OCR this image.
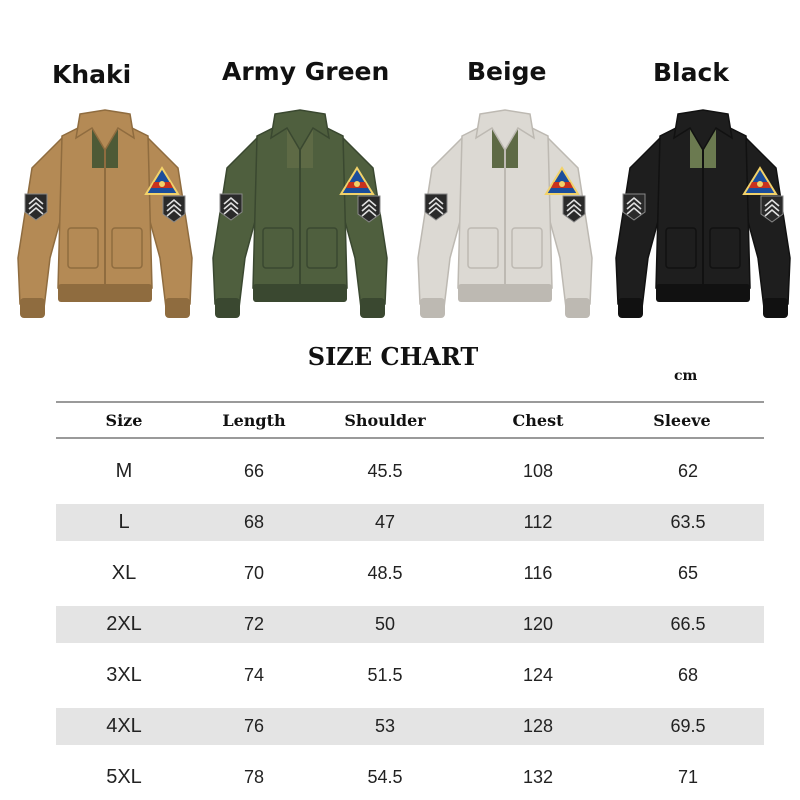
Khaki	Army Green	Beige	Black
SIZE CHART
cm
Size	Length	Shoulder	Chest	Sleeve
M	66	45.5	108	62
L	68	47	112	63.5
XL	70	48.5	116	65
2XL	72	50	120	66.5
3XL	74	51.5	124	68
4XL	76	53	128	69.5
5XL	78	54.5	132	71
